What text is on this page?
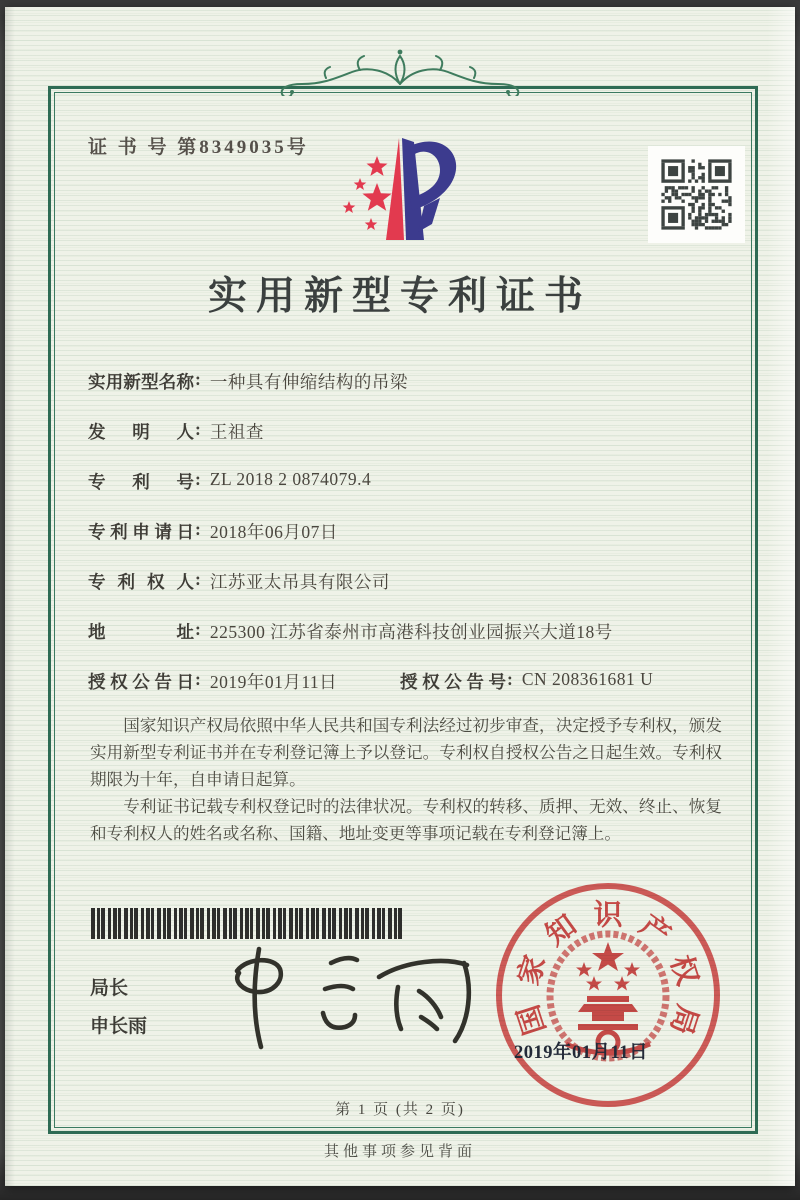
证 书 号 第8349035号
实用新型专利证书
实用新型名称 : 一种具有伸缩结构的吊梁
发明人 : 王祖查
专利号 : ZL 2018 2 0874079.4
专利申请日 : 2018年06月07日
专利权人 : 江苏亚太吊具有限公司
地址 : 225300 江苏省泰州市高港科技创业园振兴大道18号
授权公告日 : 2019年01月11日	授权公告号 : CN 208361681 U

国家知识产权局依照中华人民共和国专利法经过初步审查，决定授予专利权，颁发实用新型专利证书并在专利登记簿上予以登记。专利权自授权公告之日起生效。专利权期限为十年，自申请日起算。

专利证书记载专利权登记时的法律状况。专利权的转移、质押、无效、终止、恢复和专利权人的姓名或名称、国籍、地址变更等事项记载在专利登记簿上。

局长
申长雨	国
家
知 识 产
权
局
2019年01月11日
第 1 页 (共 2 页)
其他事项参见背面
